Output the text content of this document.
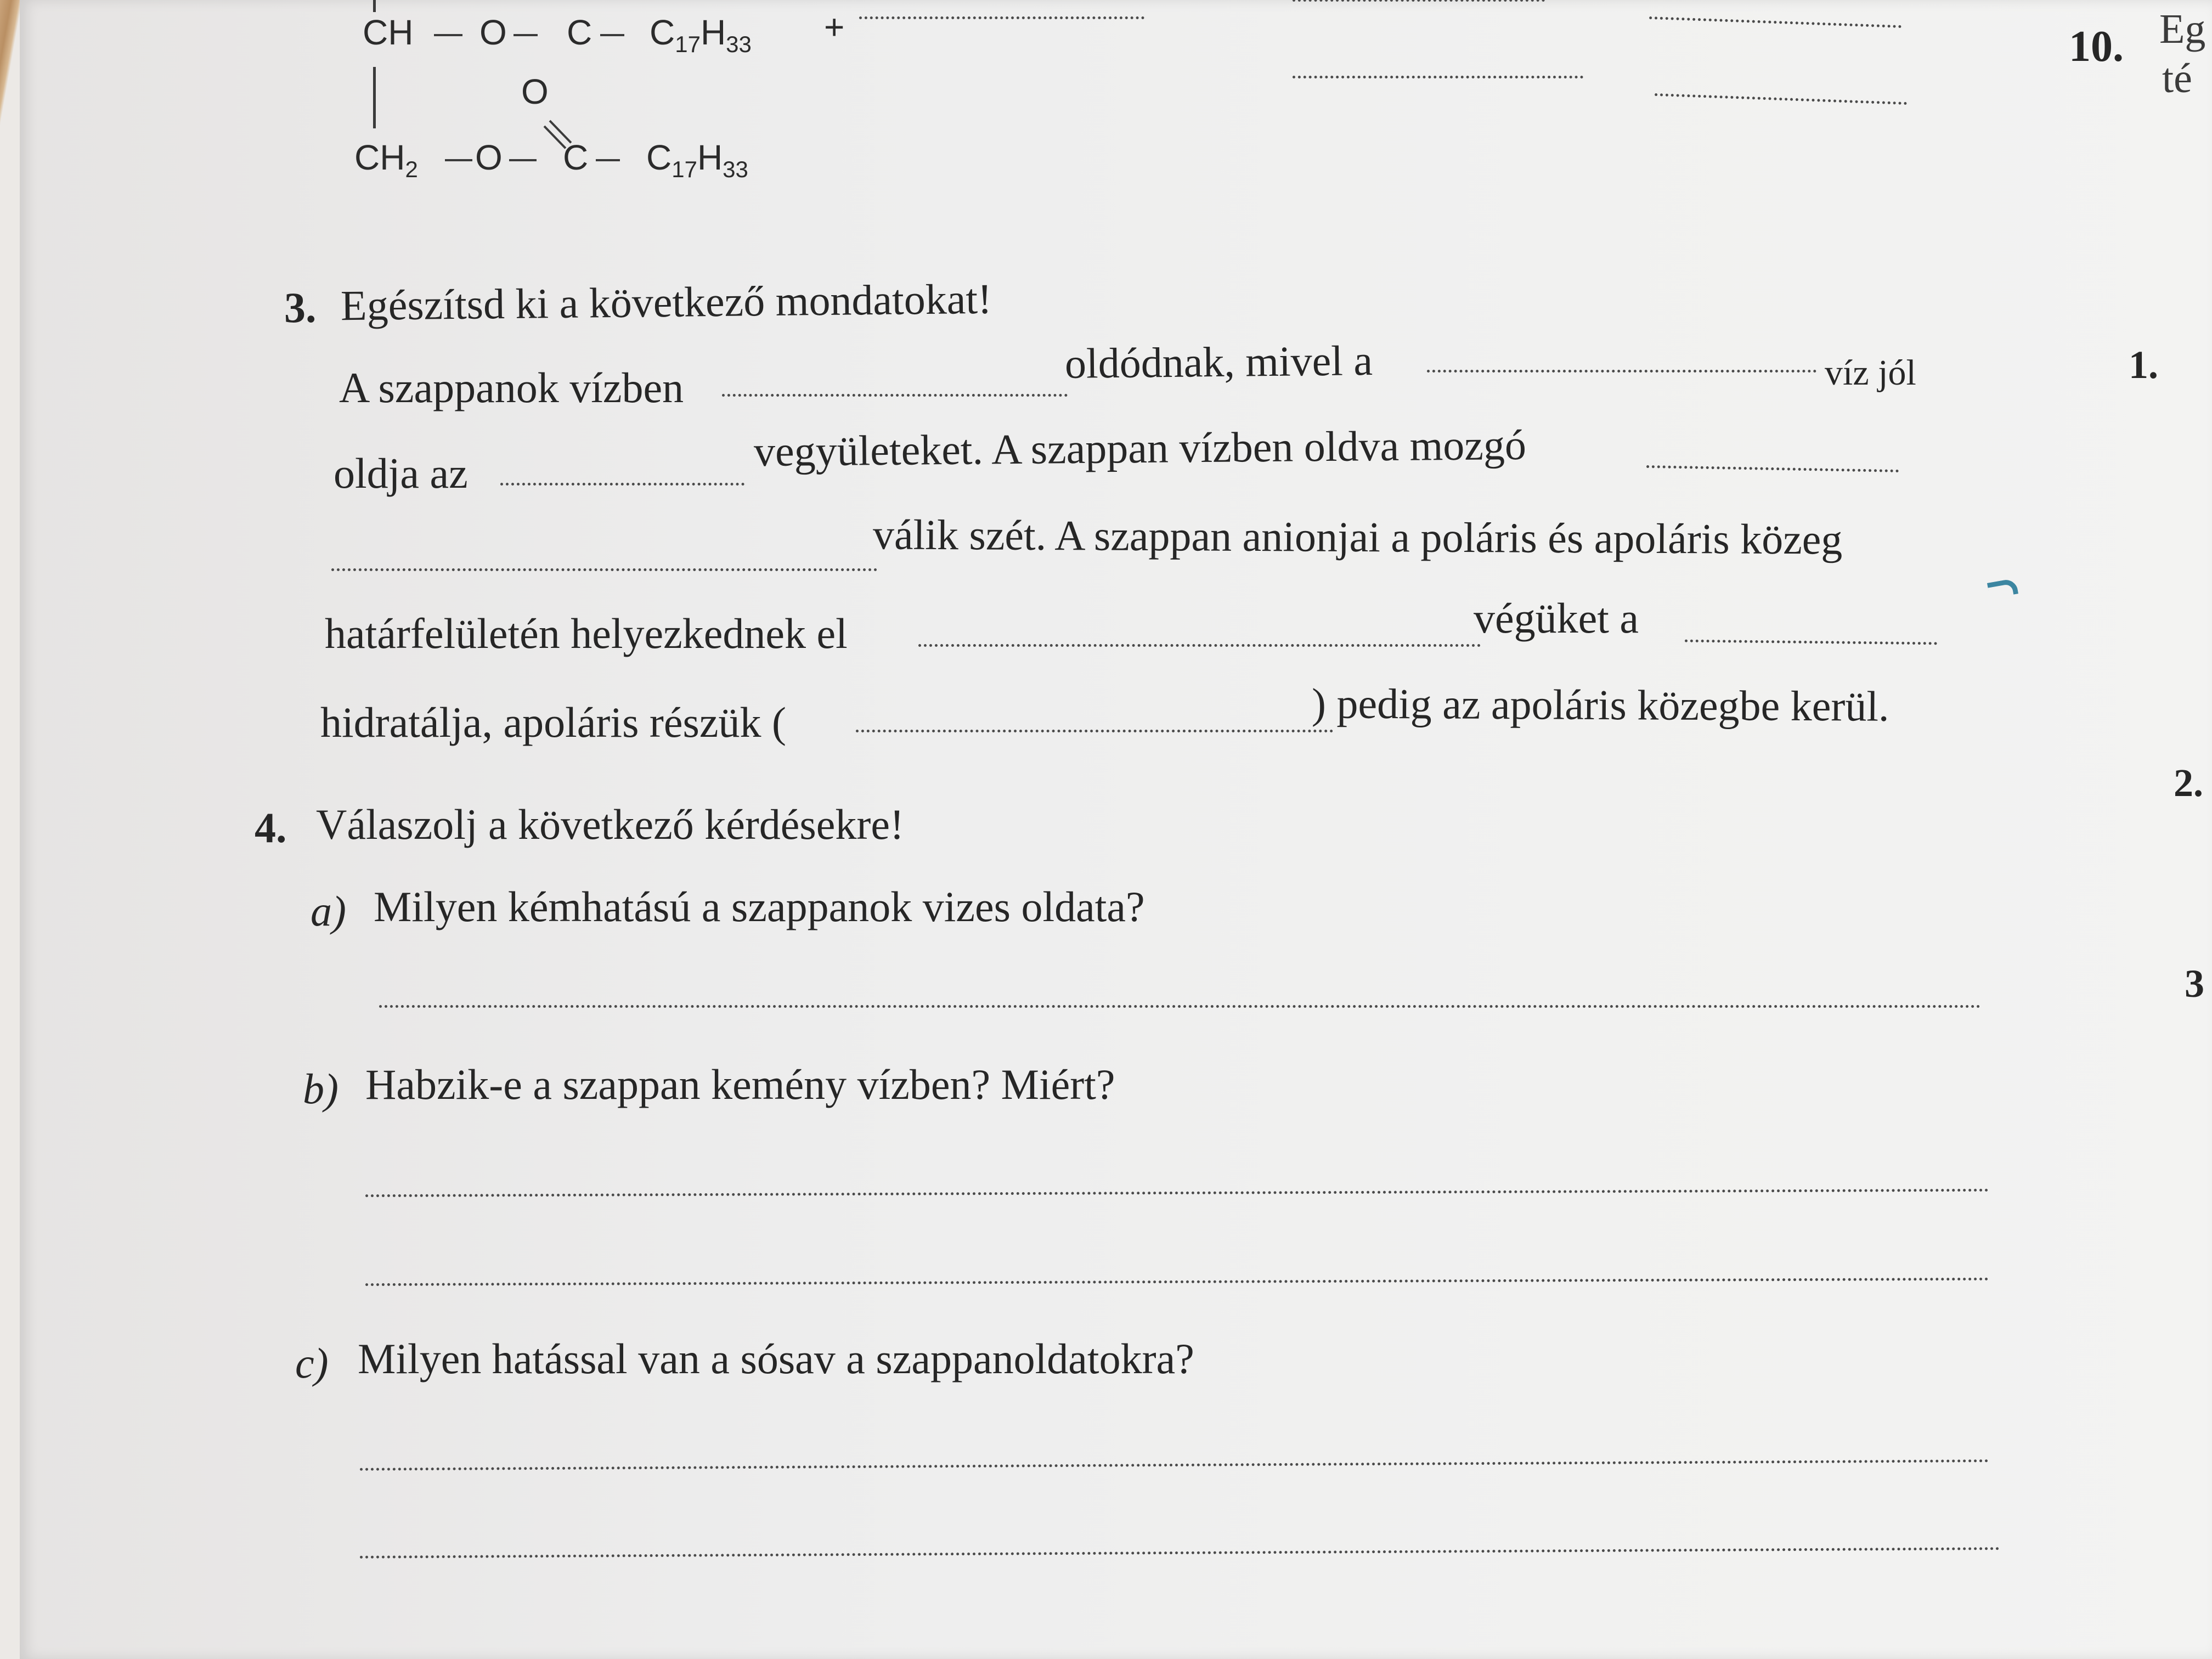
CH O C $C_{17}H_{33}$ +
O
$CH_2$ O C $C_{17}H_{33}$
3. Egészítsd ki a következő mondatokat!
A szappanok vízben
oldódnak, mivel a	víz jól
oldja az	vegyületeket. A szappan vízben oldva mozgó
válik szét. A szappan anionjai a poláris és apoláris közeg
határfelületén helyezkednek el	végüket a
hidratálja, apoláris részük (	) pedig az apoláris közegbe kerül.
4. Válaszolj a következő kérdésekre!
a) Milyen kémhatású a szappanok vizes oldata?
b) Habzik-e a szappan kemény vízben? Miért?
c) Milyen hatással van a sósav a szappanoldatokra?
10. Eg
té
1.
2.
3
